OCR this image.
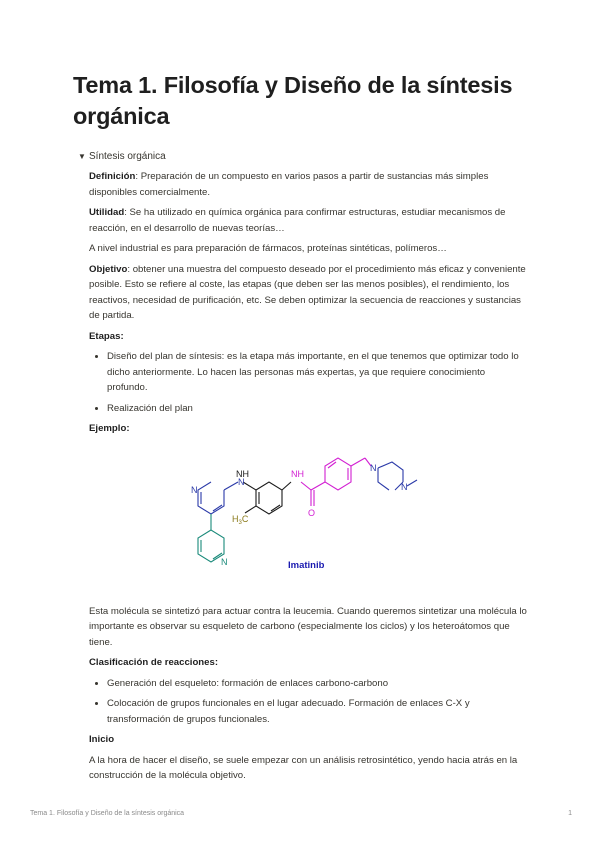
Tema 1. Filosofía y Diseño de la síntesis orgánica
▼ Síntesis orgánica

Definición: Preparación de un compuesto en varios pasos a partir de sustancias más simples disponibles comercialmente.

Utilidad: Se ha utilizado en química orgánica para confirmar estructuras, estudiar mecanismos de reacción, en el desarrollo de nuevas teorías…

A nivel industrial es para preparación de fármacos, proteínas sintéticas, polímeros…

Objetivo: obtener una muestra del compuesto deseado por el procedimiento más eficaz y conveniente posible. Esto se refiere al coste, las etapas (que deben ser las menos posibles), el rendimiento, los reactivos, necesidad de purificación, etc. Se deben optimizar la secuencia de reacciones y sustancias de partida.

Etapas:

• Diseño del plan de síntesis: es la etapa más importante, en el que tenemos que optimizar todo lo dicho anteriormente. Lo hacen las personas más expertas, ya que requiere conocimiento profundo.
• Realización del plan

Ejemplo:

N
N
NH	NH
O
$H_3C$
N
N
N
Imatinib

Esta molécula se sintetizó para actuar contra la leucemia. Cuando queremos sintetizar una molécula lo importante es observar su esqueleto de carbono (especialmente los ciclos) y los heteroátomos que tiene.

Clasificación de reacciones:

• Generación del esqueleto: formación de enlaces carbono-carbono
• Colocación de grupos funcionales en el lugar adecuado. Formación de enlaces C-X y transformación de grupos funcionales.

Inicio

A la hora de hacer el diseño, se suele empezar con un análisis retrosintético, yendo hacia atrás en la construcción de la molécula objetivo.

Tema 1. Filosofía y Diseño de la síntesis orgánica	1
